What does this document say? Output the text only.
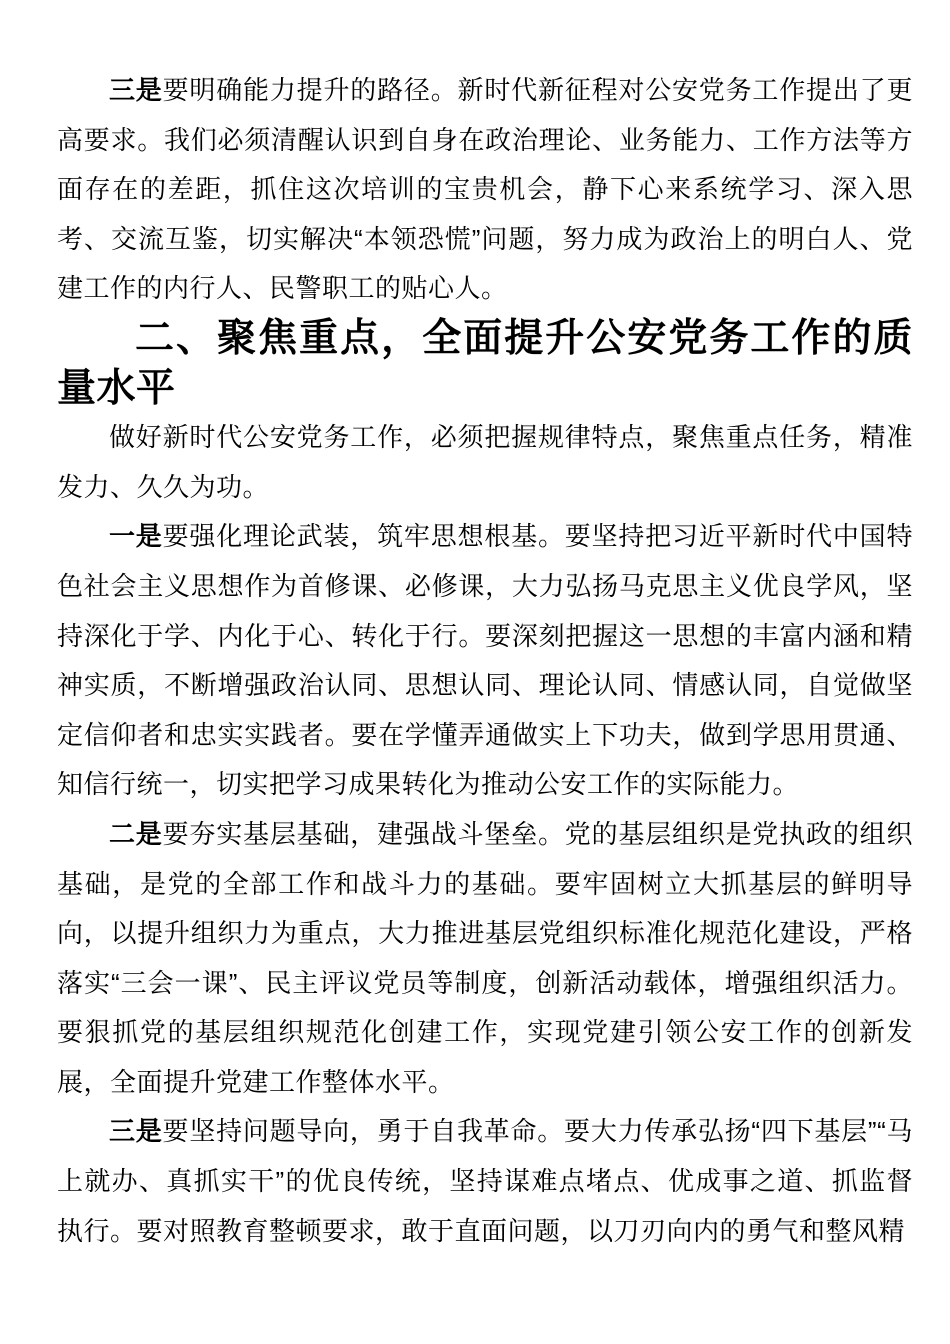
三是要明确能力提升的路径。新时代新征程对公安党务工作提出了更高要求。我们必须清醒认识到自身在政治理论、业务能力、工作方法等方面存在的差距，抓住这次培训的宝贵机会，静下心来系统学习、深入思考、交流互鉴，切实解决“本领恐慌”问题，努力成为政治上的明白人、党建工作的内行人、民警职工的贴心人。

二、聚焦重点，全面提升公安党务工作的质量水平

做好新时代公安党务工作，必须把握规律特点，聚焦重点任务，精准发力、久久为功。

一是要强化理论武装，筑牢思想根基。要坚持把习近平新时代中国特色社会主义思想作为首修课、必修课，大力弘扬马克思主义优良学风，坚持深化于学、内化于心、转化于行。要深刻把握这一思想的丰富内涵和精神实质，不断增强政治认同、思想认同、理论认同、情感认同，自觉做坚定信仰者和忠实实践者。要在学懂弄通做实上下功夫，做到学思用贯通、知信行统一，切实把学习成果转化为推动公安工作的实际能力。

二是要夯实基层基础，建强战斗堡垒。党的基层组织是党执政的组织基础，是党的全部工作和战斗力的基础。要牢固树立大抓基层的鲜明导向，以提升组织力为重点，大力推进基层党组织标准化规范化建设，严格落实“三会一课”、民主评议党员等制度，创新活动载体，增强组织活力。要狠抓党的基层组织规范化创建工作，实现党建引领公安工作的创新发展，全面提升党建工作整体水平。

三是要坚持问题导向，勇于自我革命。要大力传承弘扬“四下基层”“马上就办、真抓实干”的优良传统，坚持谋难点堵点、优成事之道、抓监督执行。要对照教育整顿要求，敢于直面问题，以刀刃向内的勇气和整风精
